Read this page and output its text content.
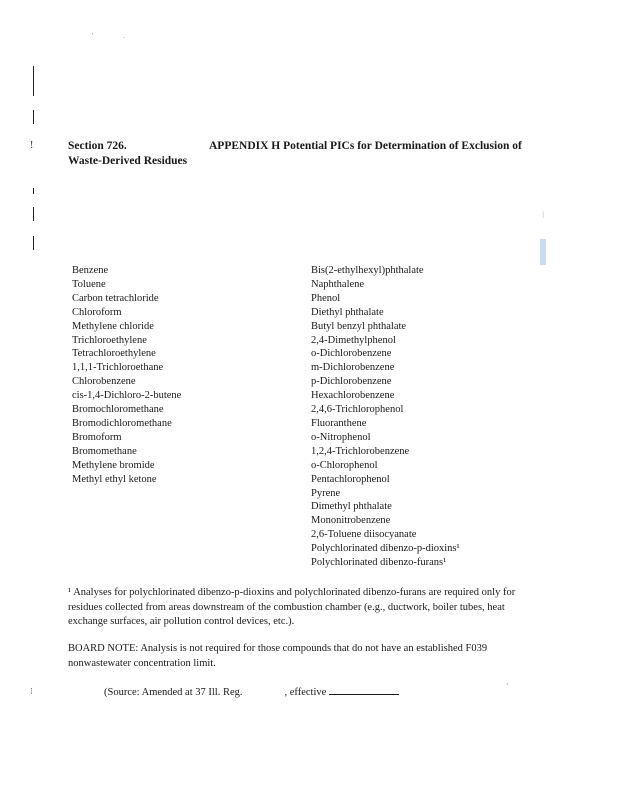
' .
!
l
Section 726.	APPENDIX H Potential PICs for Determination of Exclusion of
Waste-Derived Residues
Benzene
Toluene
Carbon tetrachloride
Chloroform
Methylene chloride
Trichloroethylene
Tetrachloroethylene
1,1,1-Trichloroethane
Chlorobenzene
cis-1,4-Dichloro-2-butene
Bromochloromethane
Bromodichloromethane
Bromoform
Bromomethane
Methylene bromide
Methyl ethyl ketone
Bis(2-ethylhexyl)phthalate
Naphthalene
Phenol
Diethyl phthalate
Butyl benzyl phthalate
2,4-Dimethylphenol
o-Dichlorobenzene
m-Dichlorobenzene
p-Dichlorobenzene
Hexachlorobenzene
2,4,6-Trichlorophenol
Fluoranthene
o-Nitrophenol
1,2,4-Trichlorobenzene
o-Chlorophenol
Pentachlorophenol
Pyrene
Dimethyl phthalate
Mononitrobenzene
2,6-Toluene diisocyanate
Polychlorinated dibenzo-p-dioxins¹
Polychlorinated dibenzo-furans¹
¹ Analyses for polychlorinated dibenzo-p-dioxins and polychlorinated dibenzo-furans are required only for residues collected from areas downstream of the combustion chamber (e.g., ductwork, boiler tubes, heat exchange surfaces, air pollution control devices, etc.).
BOARD NOTE: Analysis is not required for those compounds that do not have an established F039 nonwastewater concentration limit.
⁝	(Source: Amended at 37 Ill. Reg.	, effective	`
